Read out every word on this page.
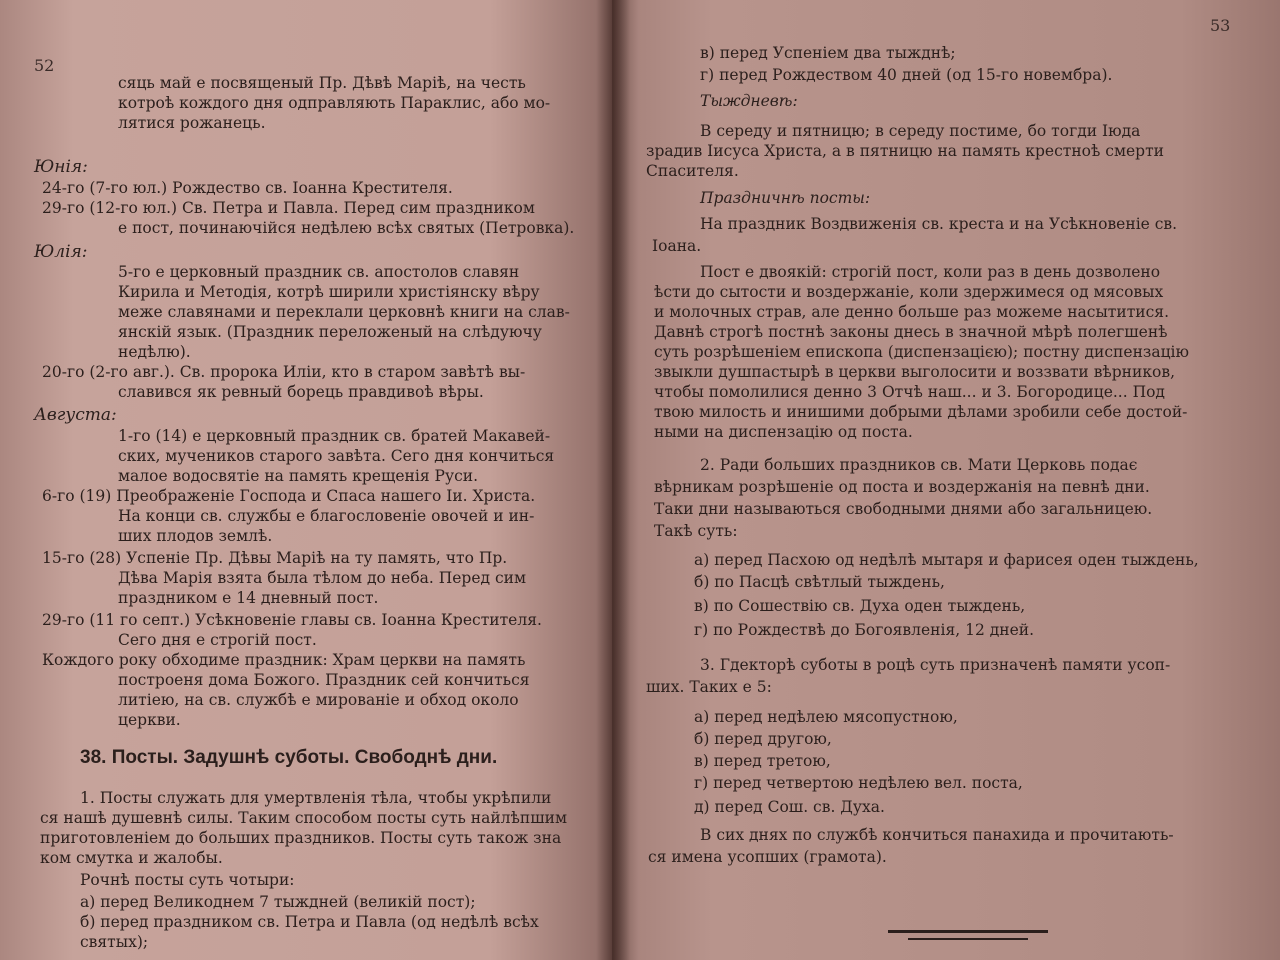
52
сяць май е посвященый Пр. Дѣвѣ Маріѣ, на честь
котроѣ кождого дня одправляють Параклис, або мо-
лятися рожанець.
Юнія:
24-го (7-го юл.) Рождество св. Іоанна Крестителя.
29-го (12-го юл.) Св. Петра и Павла. Перед сим праздником
е пост, починаючійся недѣлею всѣх святых (Петровка).
Юлія:
5-го е церковный праздник св. апостолов славян
Кирила и Методія, котрѣ ширили христіянску вѣру
меже славянами и переклали церковнѣ книги на слав-
янскій язык. (Праздник переложеный на слѣдуючу
недѣлю).
20-го (2-го авг.). Св. пророка Иліи, кто в старом завѣтѣ вы-
славився як ревный борець правдивоѣ вѣры.
Августа:
1-го (14) е церковный праздник св. братей Макавей-
ских, мучеников старого завѣта. Сего дня кончиться
малое водосвятіе на память крещенія Руси.
6-го (19) Преображеніе Господа и Спаса нашего Іи. Христа.
На конци св. службы е благословеніе овочей и ин-
ших плодов землѣ.
15-го (28) Успеніе Пр. Дѣвы Маріѣ на ту память, что Пр.
Дѣва Марія взята была тѣлом до неба. Перед сим
праздником е 14 дневный пост.
29-го (11 го септ.) Усѣкновеніе главы св. Іоанна Крестителя.
Сего дня е строгій пост.
Кождого року обходиме праздник: Храм церкви на память
построеня дома Божого. Праздник сей кончиться
литіею, на св. службѣ е мированіе и обход около
церкви.
38. Посты. Задушнѣ суботы. Свободнѣ дни.
1. Посты служать для умертвленія тѣла, чтобы укрѣпили
ся нашѣ душевнѣ силы. Таким способом посты суть найлѣпшим
приготовленіем до больших праздников. Посты суть також зна
ком смутка и жалобы.
Рочнѣ посты суть чотыри:
а) перед Великоднем 7 тыждней (великій пост);
б) перед праздником св. Петра и Павла (од недѣлѣ всѣх
святых);
53
в) перед Успеніем два тыжднѣ;
г) перед Рождеством 40 дней (од 15-го новембра).
Тыждневѣ:
В середу и пятницю; в середу постиме, бо тогди Іюда
зрадив Іисуса Христа, а в пятницю на память крестноѣ смерти
Спасителя.
Праздничнѣ посты:
На праздник Воздвиженія св. креста и на Усѣкновеніе св.
Іоана.
Пост е двоякій: строгій пост, коли раз в день дозволено
ѣсти до сытости и воздержаніе, коли здержимеся од мясовых
и молочных страв, але денно больше раз можеме насытитися.
Давнѣ строгѣ постнѣ законы днесь в значной мѣрѣ полегшенѣ
суть розрѣшеніем епископа (диспензацією); постну диспензацію
звыкли душпастырѣ в церкви выголосити и воззвати вѣрников,
чтобы помолилися денно 3 Отчѣ наш... и 3. Богородице... Под
твою милость и инишими добрыми дѣлами зробили себе достой-
ными на диспензацію од поста.
2. Ради больших праздников св. Мати Церковь подає
вѣрникам розрѣшеніе од поста и воздержанія на певнѣ дни.
Таки дни называються свободными днями або загальницею.
Такѣ суть:
а) перед Пасхою од недѣлѣ мытаря и фарисея оден тыждень,
б) по Пасцѣ свѣтлый тыждень,
в) по Сошествію св. Духа оден тыждень,
г) по Рождествѣ до Богоявленія, 12 дней.
3. Гдекторѣ суботы в роцѣ суть призначенѣ памяти усоп-
ших. Таких е 5:
а) перед недѣлею мясопустною,
б) перед другою,
в) перед третою,
г) перед четвертою недѣлею вел. поста,
д) перед Сош. св. Духа.
В сих днях по службѣ кончиться панахида и прочитають-
ся имена усопших (грамота).
